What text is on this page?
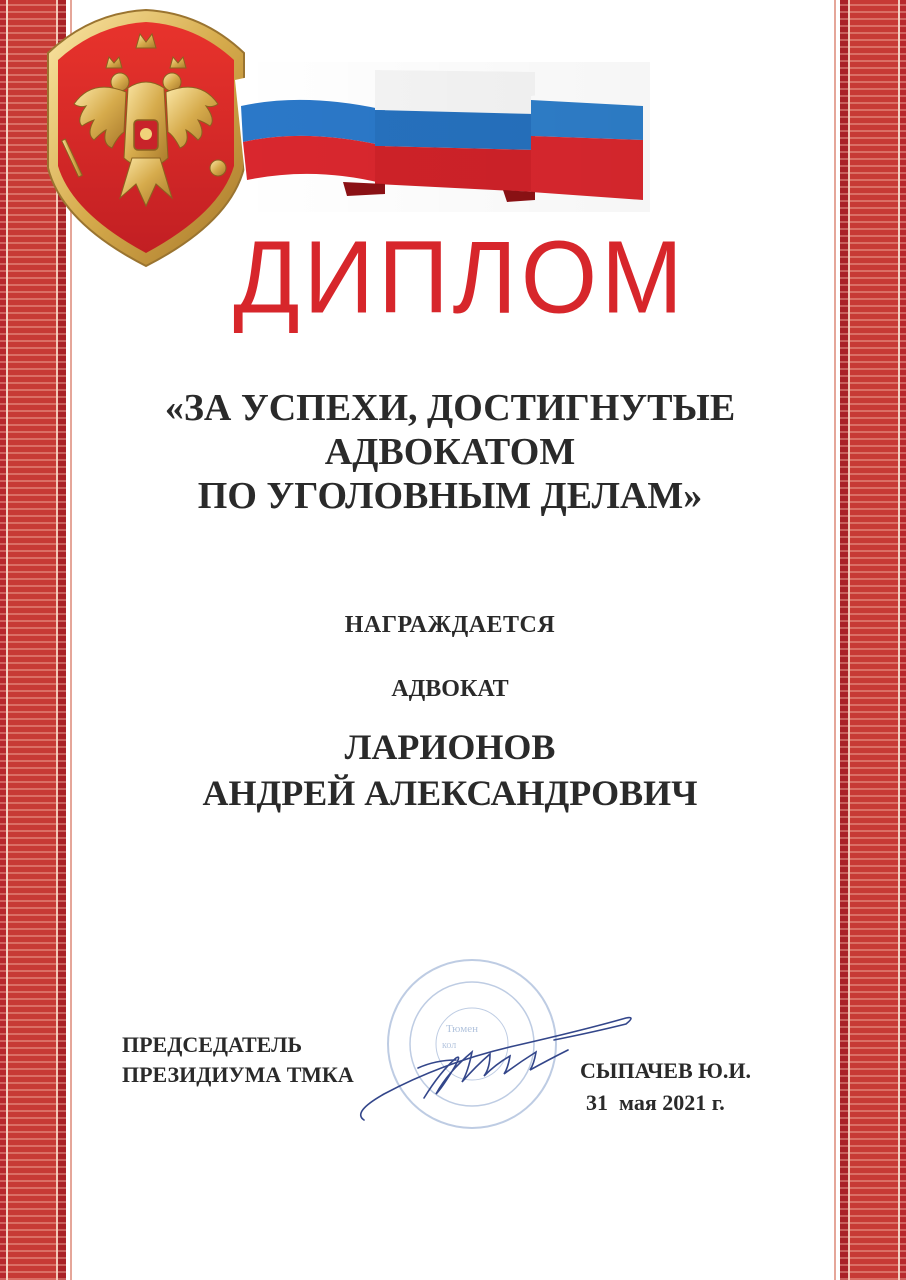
ДИПЛОМ
«ЗА УСПЕХИ, ДОСТИГНУТЫЕ
АДВОКАТОМ
ПО УГОЛОВНЫМ ДЕЛАМ»
НАГРАЖДАЕТСЯ
АДВОКАТ
ЛАРИОНОВ
АНДРЕЙ АЛЕКСАНДРОВИЧ
Тюмен
кол
ПРЕДСЕДАТЕЛЬ
ПРЕЗИДИУМА ТМКА	СЫПАЧЕВ Ю.И.
31  мая 2021 г.
